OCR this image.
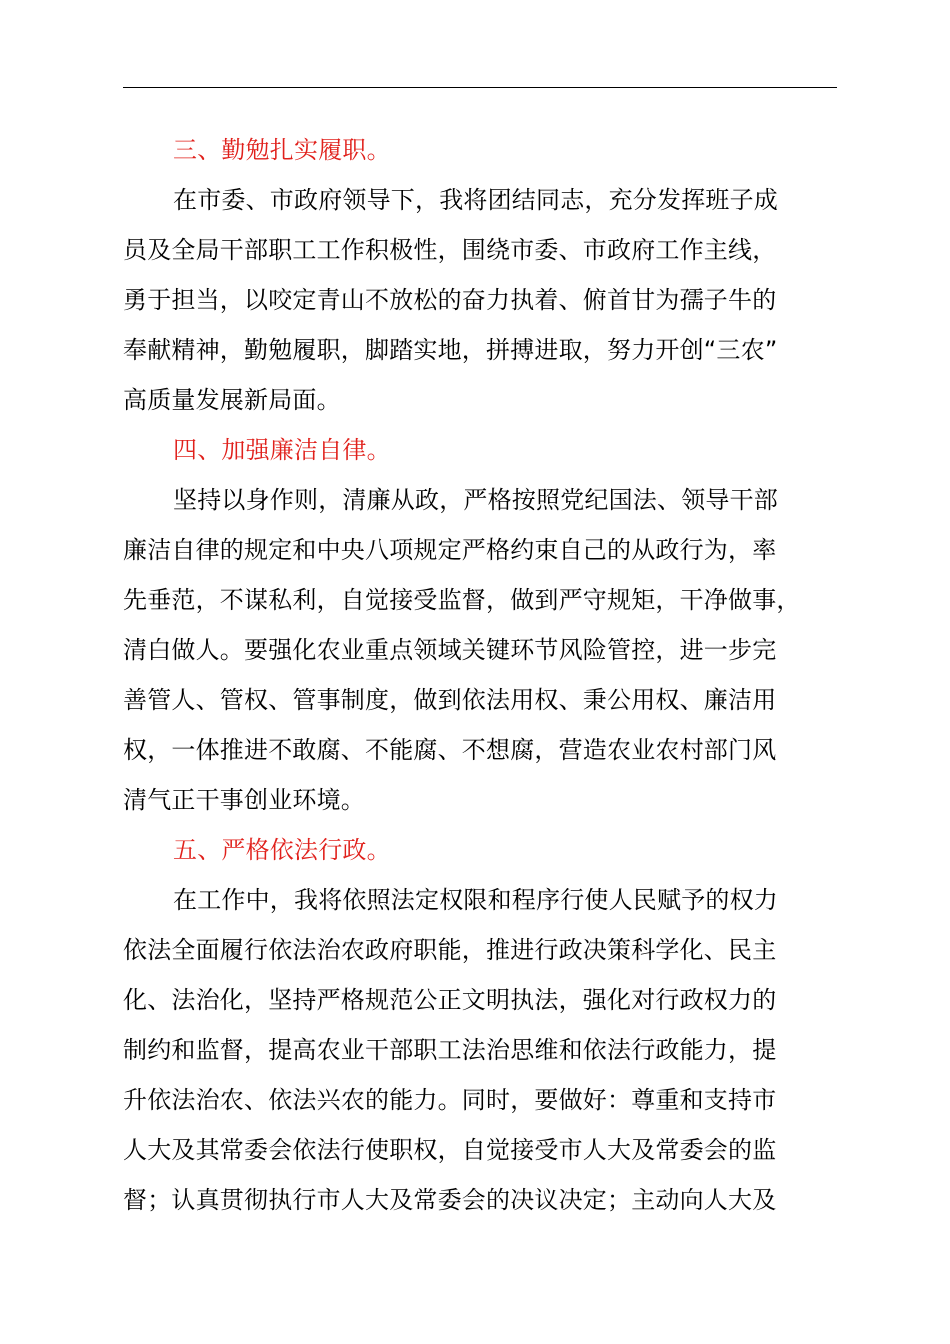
三、勤勉扎实履职。
在市委、市政府领导下，我将团结同志，充分发挥班子成
员及全局干部职工工作积极性，围绕市委、市政府工作主线，
勇于担当，以咬定青山不放松的奋力执着、俯首甘为孺子牛的
奉献精神，勤勉履职，脚踏实地，拼搏进取，努力开创“三农”
高质量发展新局面。
四、加强廉洁自律。
坚持以身作则，清廉从政，严格按照党纪国法、领导干部
廉洁自律的规定和中央八项规定严格约束自己的从政行为，率
先垂范，不谋私利，自觉接受监督，做到严守规矩，干净做事，
清白做人。要强化农业重点领域关键环节风险管控，进一步完
善管人、管权、管事制度，做到依法用权、秉公用权、廉洁用
权，一体推进不敢腐、不能腐、不想腐，营造农业农村部门风
清气正干事创业环境。
五、严格依法行政。
在工作中，我将依照法定权限和程序行使人民赋予的权力
依法全面履行依法治农政府职能，推进行政决策科学化、民主
化、法治化，坚持严格规范公正文明执法，强化对行政权力的
制约和监督，提高农业干部职工法治思维和依法行政能力，提
升依法治农、依法兴农的能力。同时，要做好：尊重和支持市
人大及其常委会依法行使职权，自觉接受市人大及常委会的监
督；认真贯彻执行市人大及常委会的决议决定；主动向人大及
